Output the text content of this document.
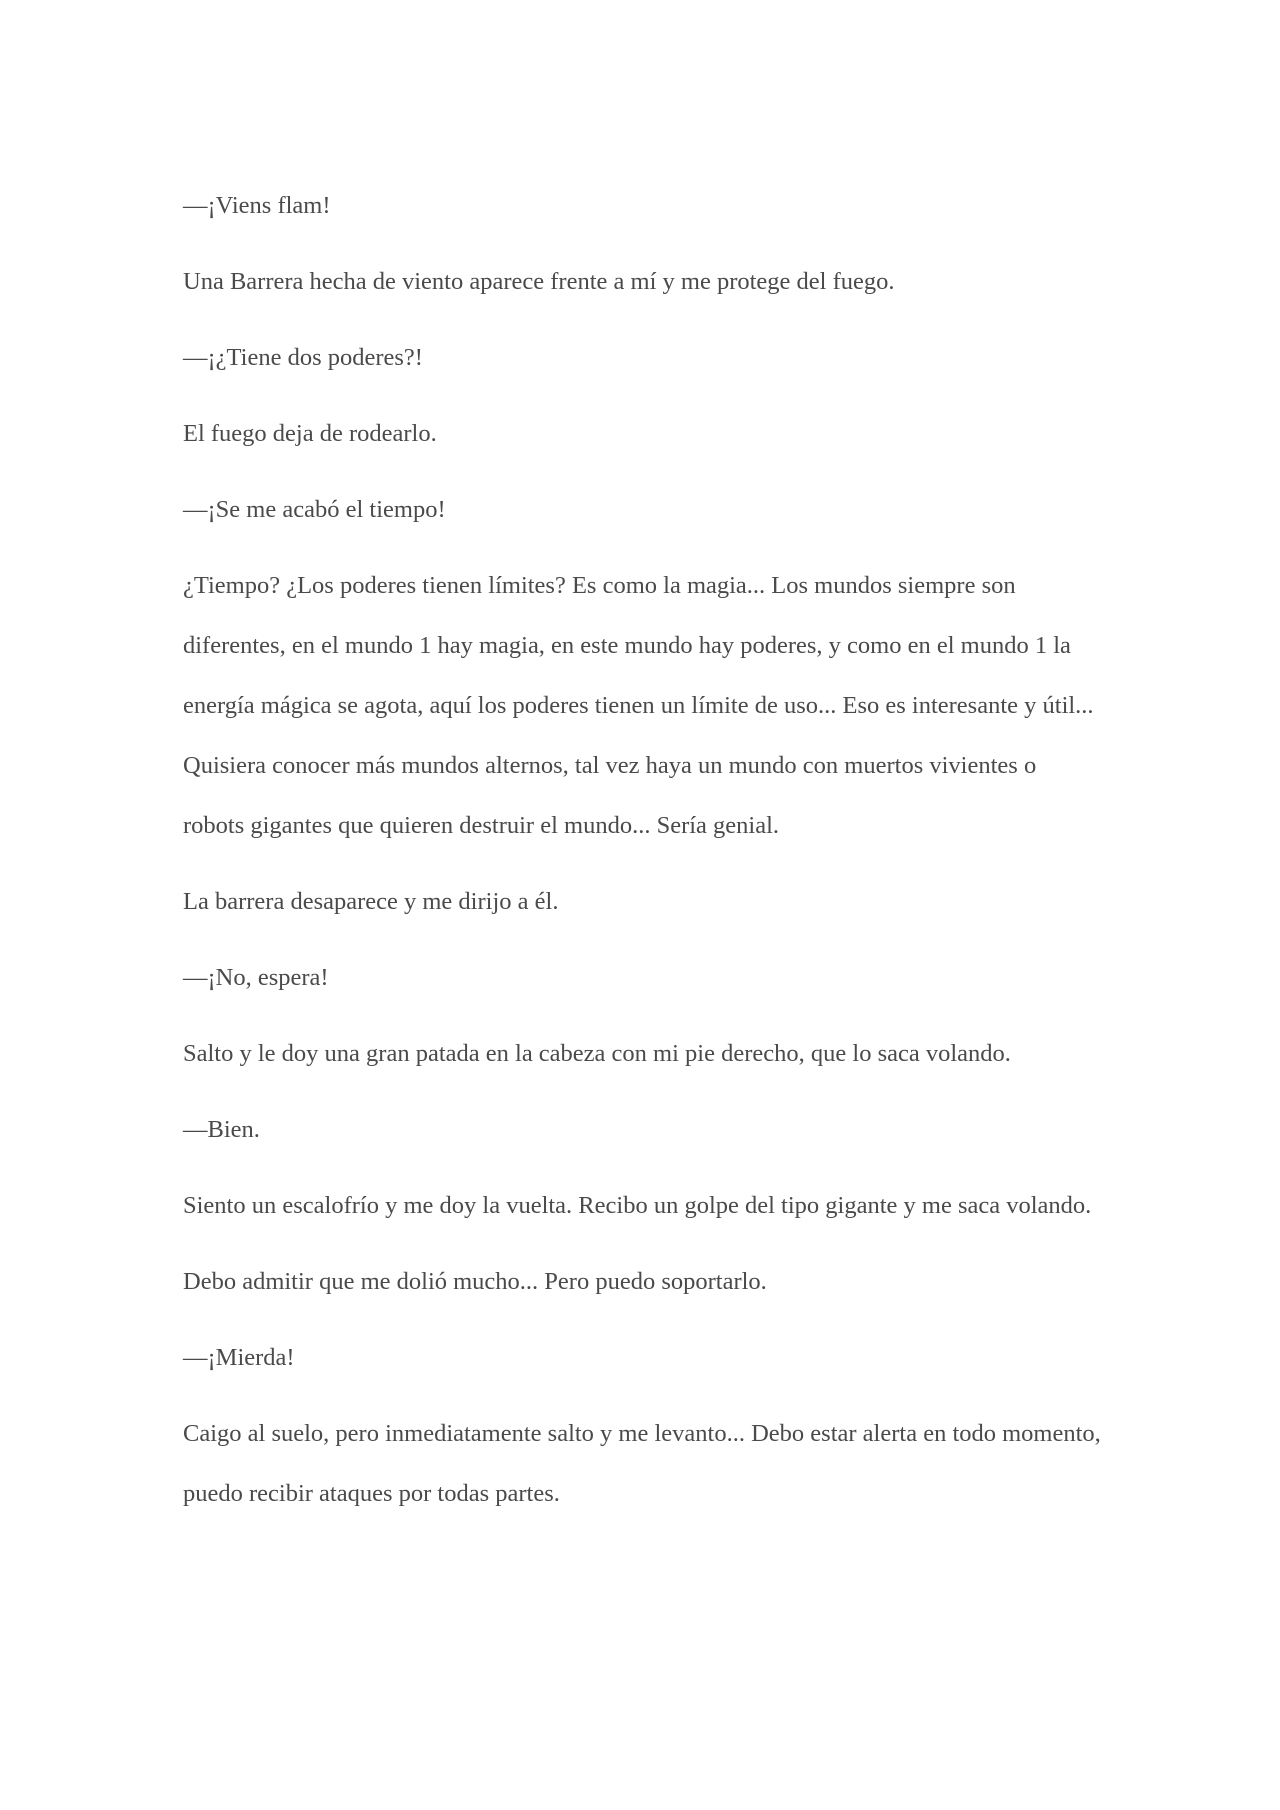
—¡Viens flam!

Una Barrera hecha de viento aparece frente a mí y me protege del fuego.

—¡¿Tiene dos poderes?!

El fuego deja de rodearlo.

—¡Se me acabó el tiempo!

¿Tiempo? ¿Los poderes tienen límites? Es como la magia... Los mundos siempre son diferentes, en el mundo 1 hay magia, en este mundo hay poderes, y como en el mundo 1 la energía mágica se agota, aquí los poderes tienen un límite de uso... Eso es interesante y útil... Quisiera conocer más mundos alternos, tal vez haya un mundo con muertos vivientes o robots gigantes que quieren destruir el mundo... Sería genial.

La barrera desaparece y me dirijo a él.

—¡No, espera!

Salto y le doy una gran patada en la cabeza con mi pie derecho, que lo saca volando.

—Bien.

Siento un escalofrío y me doy la vuelta. Recibo un golpe del tipo gigante y me saca volando.

Debo admitir que me dolió mucho... Pero puedo soportarlo.

—¡Mierda!

Caigo al suelo, pero inmediatamente salto y me levanto... Debo estar alerta en todo momento, puedo recibir ataques por todas partes.
